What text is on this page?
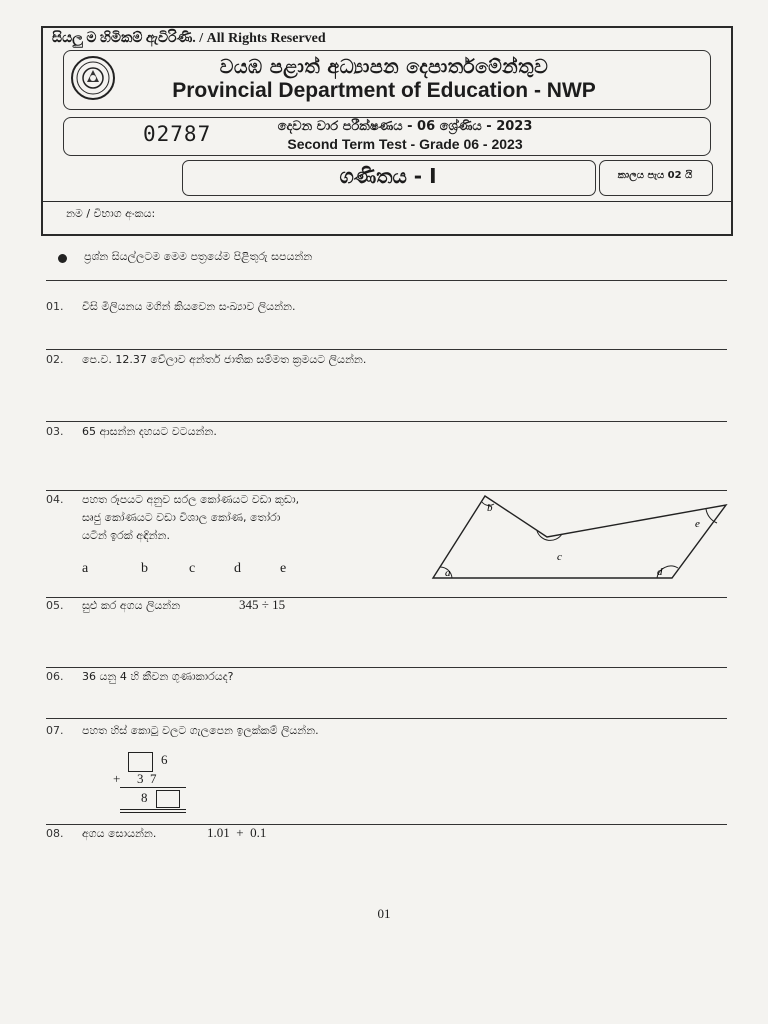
සියලු ම හිමිකම් ඇවිරිණි. / All Rights Reserved
වයඹ පළාත් අධ්‍යාපන දෙපාර්තමේන්තුව
Provincial Department of Education - NWP
02787	දෙවන වාර පරීක්ෂණය - 06 ශ්‍රේණිය - 2023
Second Term Test - Grade 06 - 2023
ගණිතය - I	කාලය පැය 02 යි
නම / විභාග අංකය:
ප්‍රශ්න සියල්ලටම මෙම පත්‍රයේම පිළිතුරු සපයන්න
01. විසි මිලියනය මගින් කියවෙන සංඛ්‍යාව ලියන්න.
02. පෙ.ව. 12.37 වේලාව අන්තර් ජාතික සම්මත ක්‍රමයට ලියන්න.
03. 65 ආසන්න දහයට වටයන්න.
04. පහත රූපයට අනුව සරල කෝණයට වඩා කුඩා,
සෘජු කෝණයට වඩා විශාල කෝණ, තෝරා
යටින් ඉරක් අඳින්න.
a	b	c	d	e	a
b
c
d
e
05. සුළු කර අගය ලියන්න	345 ÷ 15
06. 36 යනු 4 හි කීවන ගුණාකාරයද?
07. පහත හිස් කොටු වලට ගැලපෙන ඉලක්කම් ලියන්න.
6
+ 3  7
8
08. අගය සොයන්න.	1.01  +  0.1
01
